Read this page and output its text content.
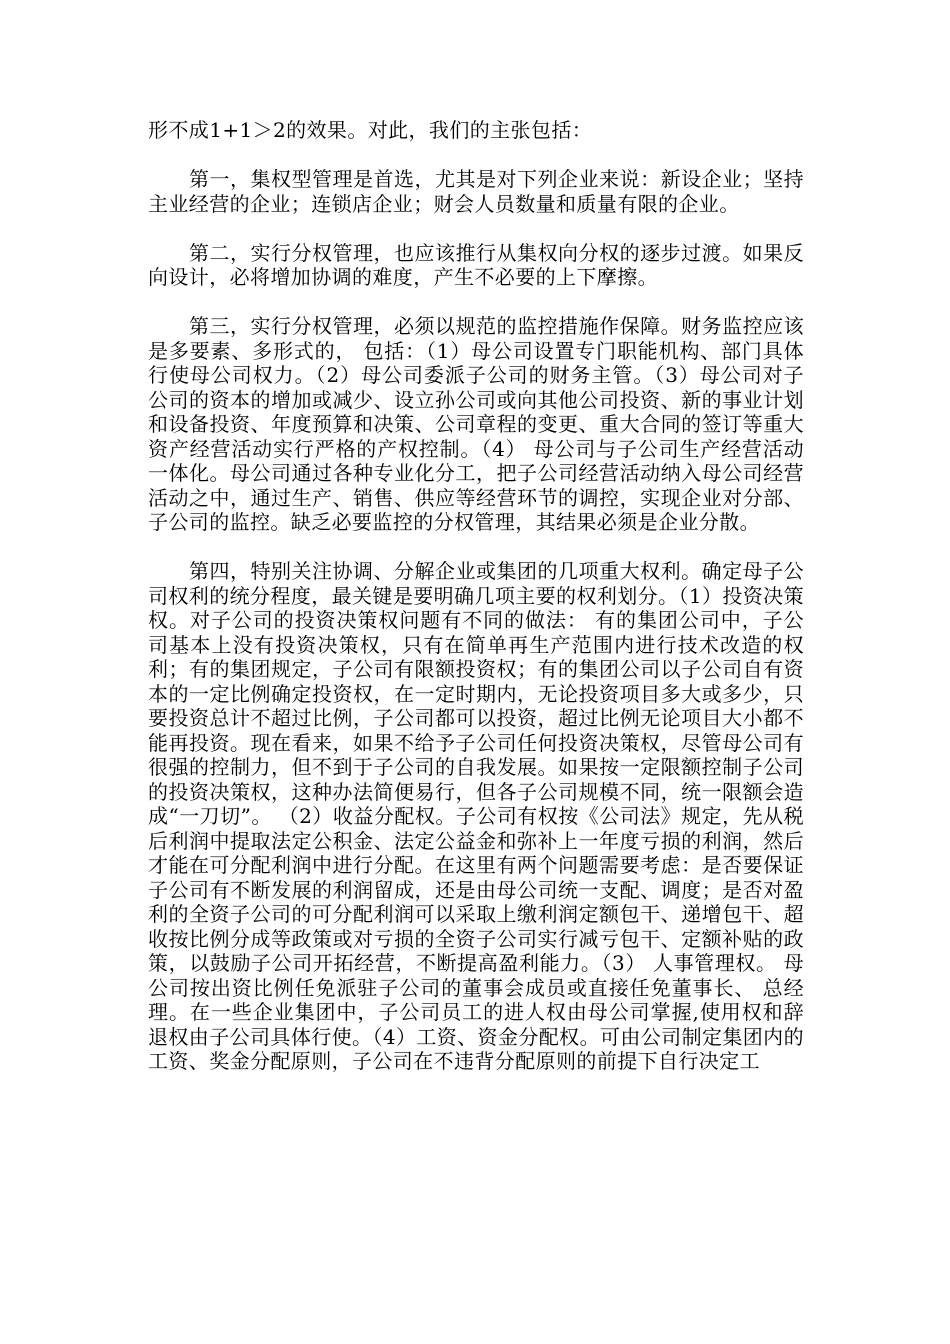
形不成1+1＞2的效果。对此，我们的主张包括：

第一，集权型管理是首选，尤其是对下列企业来说：新设企业；坚持主业经营的企业；连锁店企业；财会人员数量和质量有限的企业。

第二，实行分权管理，也应该推行从集权向分权的逐步过渡。如果反向设计，必将增加协调的难度，产生不必要的上下摩擦。

第三，实行分权管理，必须以规范的监控措施作保障。财务监控应该是多要素、多形式的， 包括：（1）母公司设置专门职能机构、部门具体行使母公司权力。（2）母公司委派子公司的财务主管。（3）母公司对子公司的资本的增加或减少、设立孙公司或向其他公司投资、新的事业计划和设备投资、年度预算和决策、公司章程的变更、重大合同的签订等重大资产经营活动实行严格的产权控制。（4） 母公司与子公司生产经营活动一体化。母公司通过各种专业化分工，把子公司经营活动纳入母公司经营活动之中，通过生产、销售、供应等经营环节的调控，实现企业对分部、子公司的监控。缺乏必要监控的分权管理，其结果必须是企业分散。

第四，特别关注协调、分解企业或集团的几项重大权利。确定母子公司权利的统分程度，最关键是要明确几项主要的权利划分。（1）投资决策权。对子公司的投资决策权问题有不同的做法： 有的集团公司中，子公司基本上没有投资决策权，只有在简单再生产范围内进行技术改造的权利；有的集团规定，子公司有限额投资权；有的集团公司以子公司自有资本的一定比例确定投资权，在一定时期内，无论投资项目多大或多少，只要投资总计不超过比例，子公司都可以投资，超过比例无论项目大小都不能再投资。现在看来，如果不给予子公司任何投资决策权，尽管母公司有很强的控制力，但不到于子公司的自我发展。如果按一定限额控制子公司的投资决策权，这种办法简便易行，但各子公司规模不同，统一限额会造成“一刀切”。 （2）收益分配权。子公司有权按《公司法》规定，先从税后利润中提取法定公积金、法定公益金和弥补上一年度亏损的利润，然后才能在可分配利润中进行分配。在这里有两个问题需要考虑：是否要保证子公司有不断发展的利润留成，还是由母公司统一支配、调度；是否对盈利的全资子公司的可分配利润可以采取上缴利润定额包干、递增包干、超收按比例分成等政策或对亏损的全资子公司实行减亏包干、定额补贴的政策，以鼓励子公司开拓经营，不断提高盈利能力。（3） 人事管理权。 母公司按出资比例任免派驻子公司的董事会成员或直接任免董事长、 总经理。在一些企业集团中，子公司员工的进人权由母公司掌握,使用权和辞退权由子公司具体行使。（4）工资、资金分配权。可由公司制定集团内的工资、奖金分配原则，子公司在不违背分配原则的前提下自行决定工
